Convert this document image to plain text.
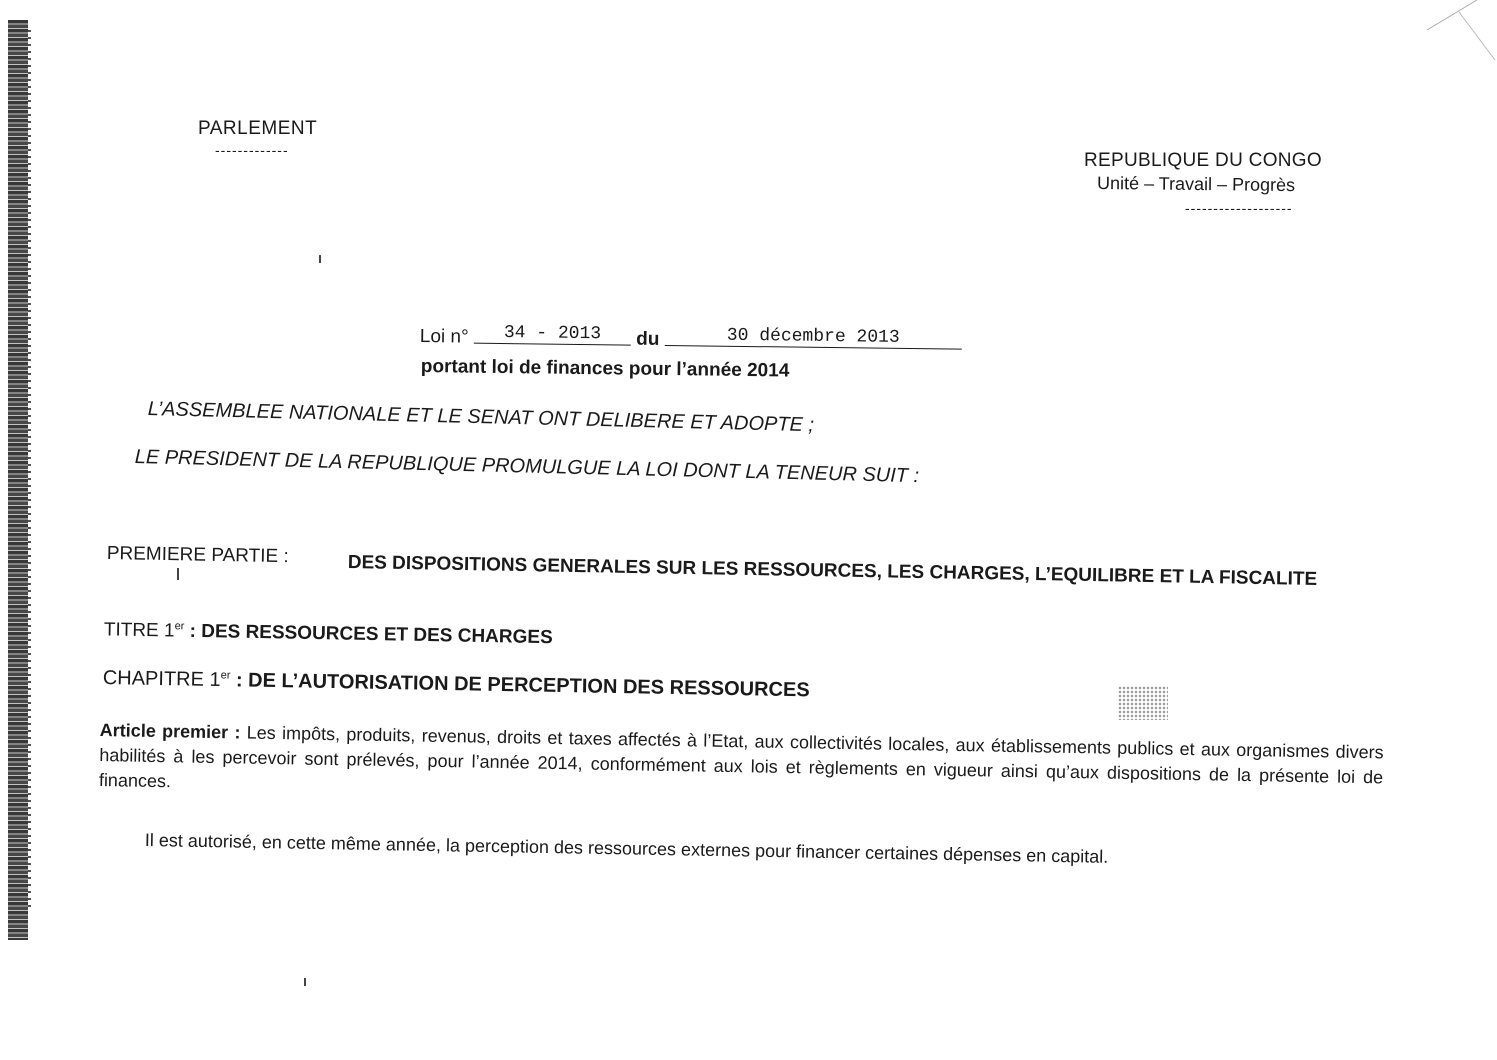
PARLEMENT
-------------	REPUBLIQUE DU CONGO
Unité – Travail – Progrès
-------------------
Loi n° 34 - 2013 du	30 décembre 2013
portant loi de finances pour l’année 2014
L’ASSEMBLEE NATIONALE ET LE SENAT ONT DELIBERE ET ADOPTE ;
LE PRESIDENT DE LA REPUBLIQUE PROMULGUE LA LOI DONT LA TENEUR SUIT :
PREMIERE PARTIE :	DES DISPOSITIONS GENERALES SUR LES RESSOURCES, LES CHARGES, L’EQUILIBRE ET LA FISCALITE
TITRE 1er : DES RESSOURCES ET DES CHARGES
CHAPITRE 1er : DE L’AUTORISATION DE PERCEPTION DES RESSOURCES
Article premier : Les impôts, produits, revenus, droits et taxes affectés à l’Etat, aux collectivités locales, aux établissements publics et aux organismes divers habilités à les percevoir sont prélevés, pour l’année 2014, conformément aux lois et règlements en vigueur ainsi qu’aux dispositions de la présente loi de finances.
Il est autorisé, en cette même année, la perception des ressources externes pour financer certaines dépenses en capital.
